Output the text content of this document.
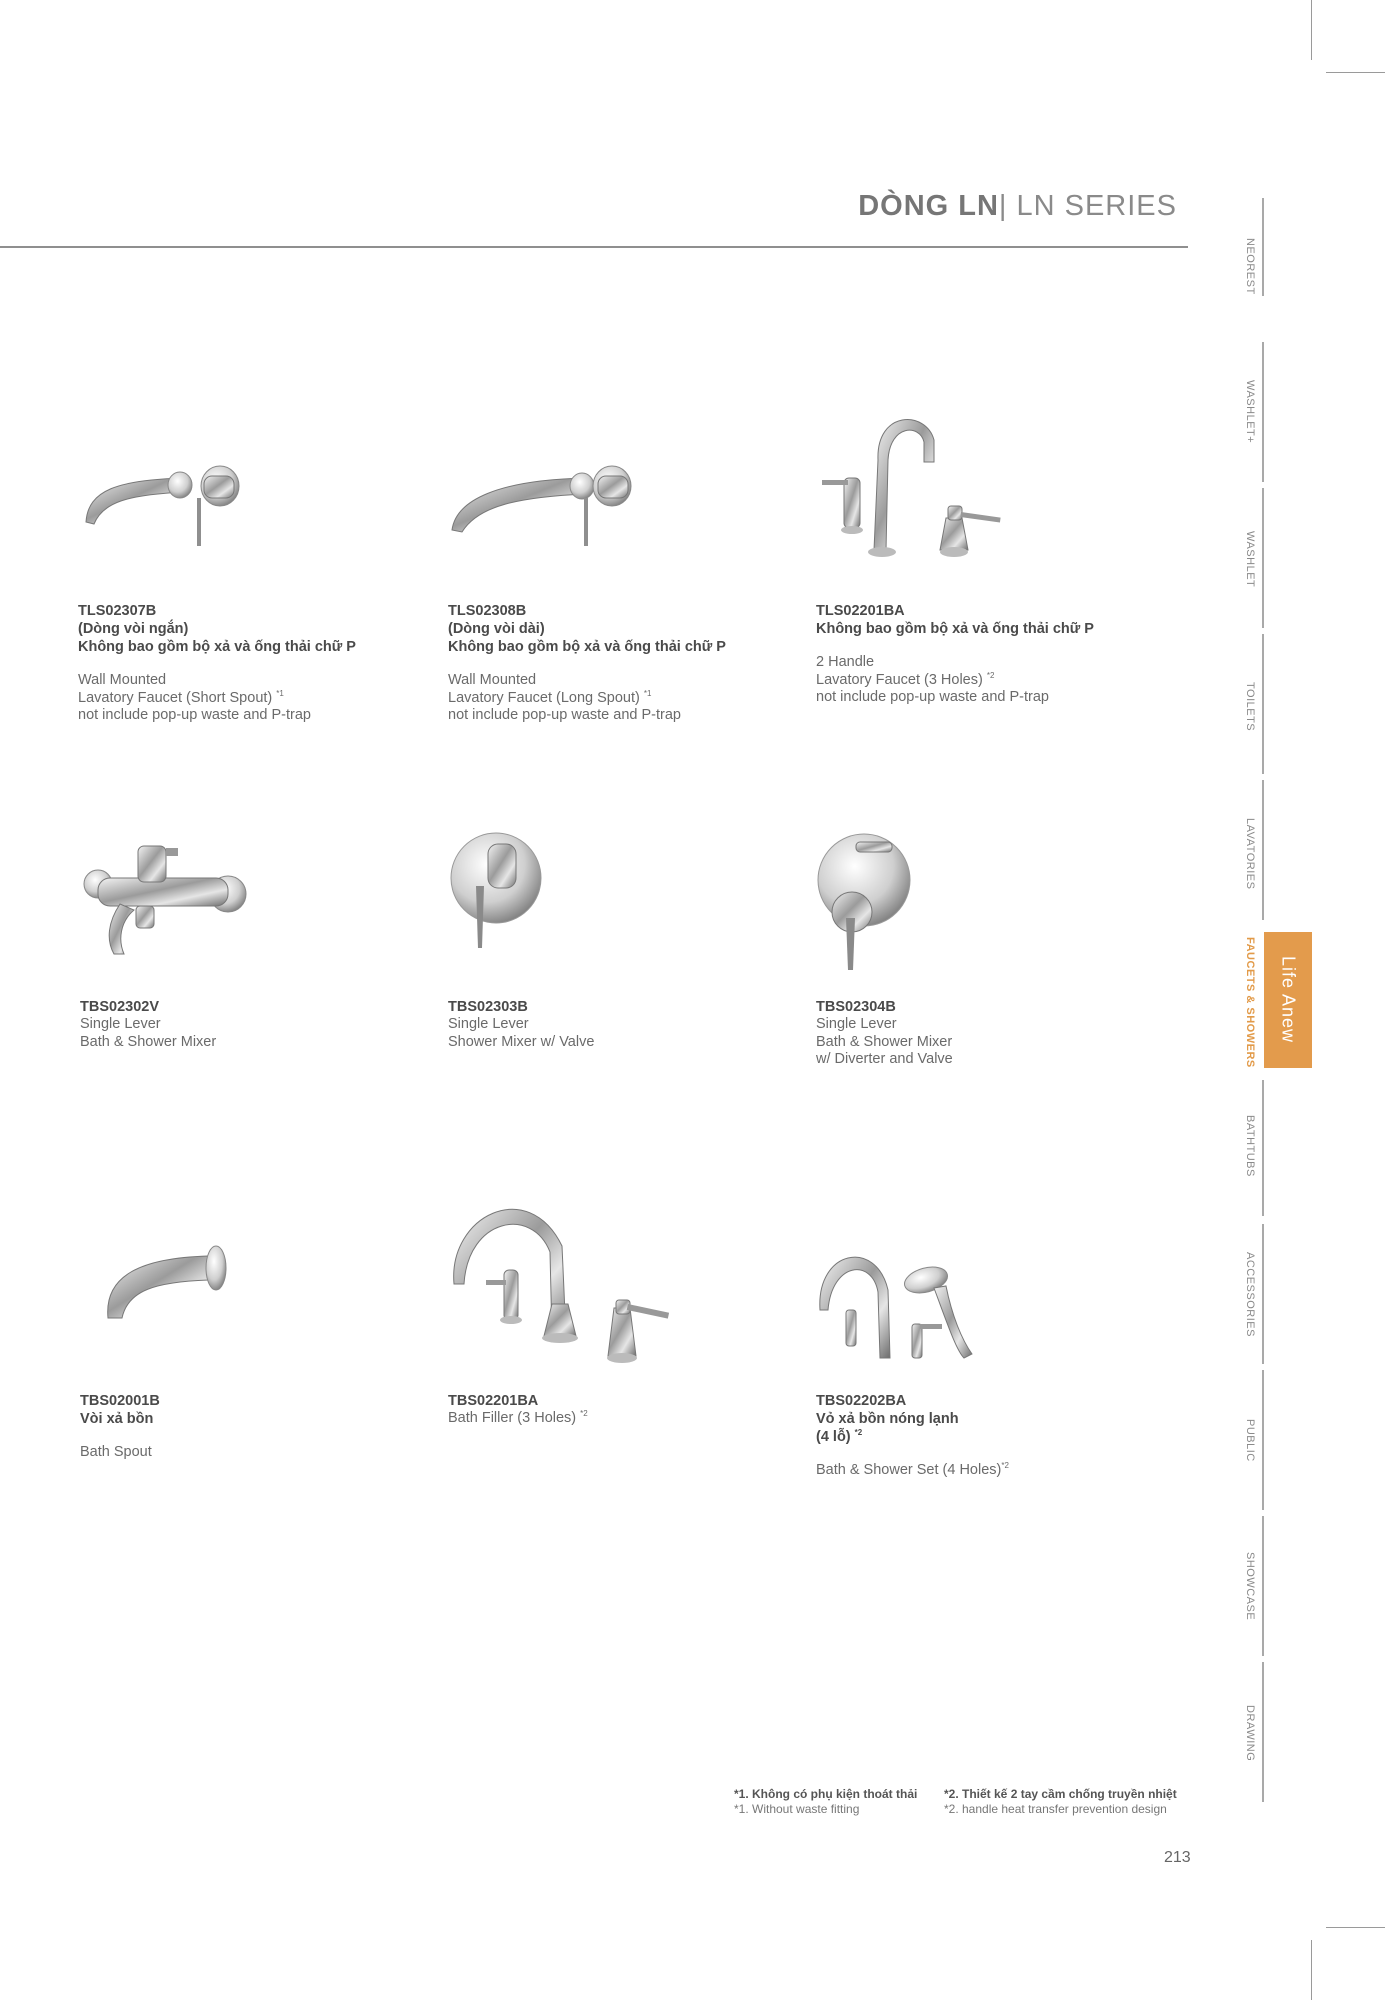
DÒNG LN| LN SERIES
NEOREST
WASHLET+
WASHLET
TOILETS
LAVATORIES
FAUCETS & SHOWERS
BATHTUBS
ACCESSORIES
PUBLIC
SHOWCASE
DRAWING
Life Anew
TLS02307B
(Dòng vòi ngắn)
Không bao gồm bộ xả và ống thải chữ P
Wall Mounted
Lavatory Faucet (Short Spout) $^{*1}$
not include pop-up waste and P-trap
TLS02308B
(Dòng vòi dài)
Không bao gồm bộ xả và ống thải chữ P
Wall Mounted
Lavatory Faucet (Long Spout) $^{*1}$
not include pop-up waste and P-trap
TLS02201BA
Không bao gồm bộ xả và ống thải chữ P
2 Handle
Lavatory Faucet (3 Holes) $^{*2}$
not include pop-up waste and P-trap
TBS02302V
Single Lever
Bath & Shower Mixer
TBS02303B
Single Lever
Shower Mixer w/ Valve
TBS02304B
Single Lever
Bath & Shower Mixer
w/ Diverter and Valve
TBS02001B
Vòi xả bồn
Bath Spout
TBS02201BA
Bath Filler (3 Holes) $^{*2}$
TBS02202BA
Vỏ xả bồn nóng lạnh
(4 lỗ) $^{*2}$
Bath & Shower Set (4 Holes)$^{*2}$
*1. Không có phụ kiện thoát thải
*1. Without waste fitting
*2. Thiết kế 2 tay cầm chống truyền nhiệt
*2. handle heat transfer prevention design
213
